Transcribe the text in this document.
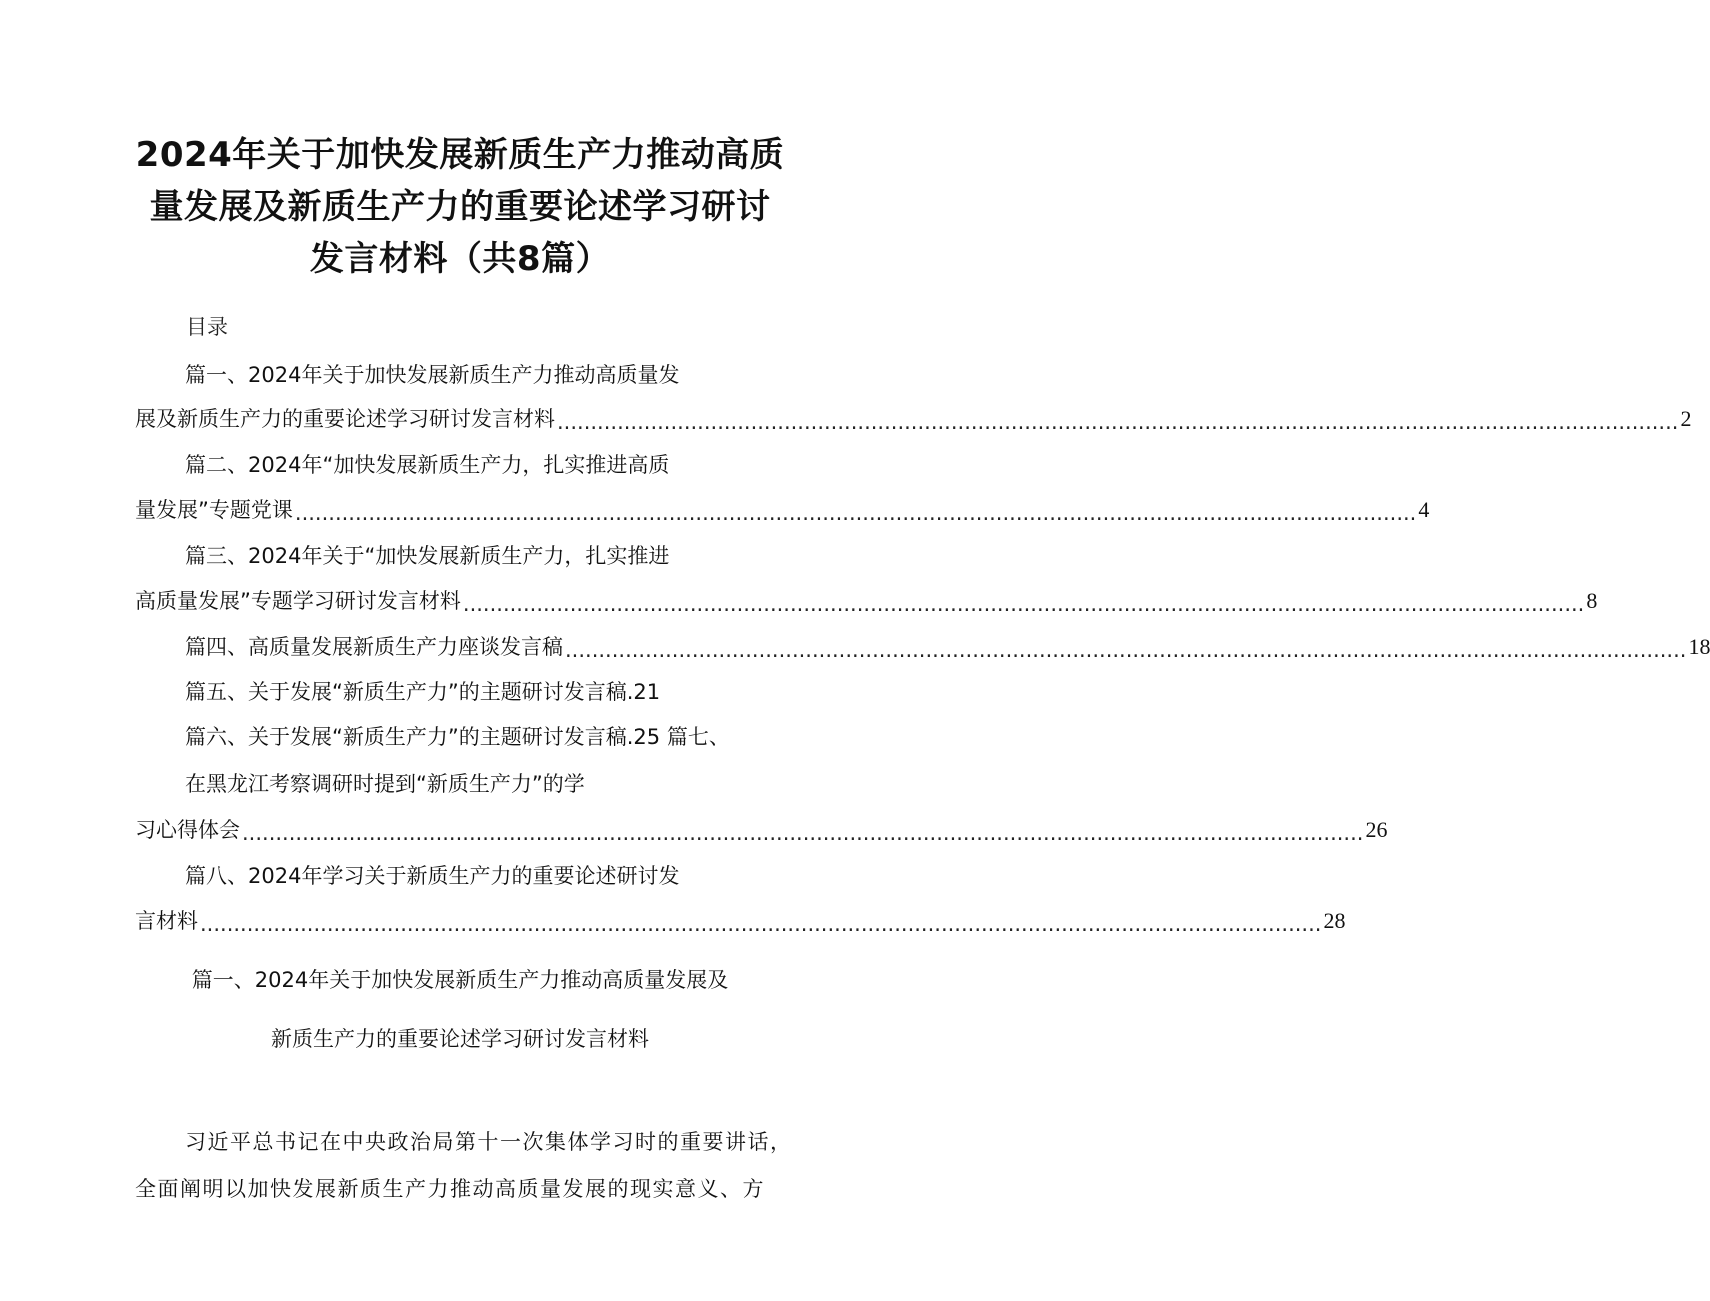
2024年关于加快发展新质生产力推动高质
量发展及新质生产力的重要论述学习研讨
发言材料（共8篇）
目录
篇一、2024年关于加快发展新质生产力推动高质量发
展及新质生产力的重要论述学习研讨发言材料 ........................................................................................................................................................................ 2
篇二、2024年“加快发展新质生产力，扎实推进高质
量发展”专题党课 ........................................................................................................................................................................ 4
篇三、2024年关于“加快发展新质生产力，扎实推进
高质量发展”专题学习研讨发言材料 ........................................................................................................................................................................ 8
篇四、高质量发展新质生产力座谈发言稿 ........................................................................................................................................................................ 18
篇五、关于发展“新质生产力”的主题研讨发言稿.21
篇六、关于发展“新质生产力”的主题研讨发言稿.25 篇七、
在黑龙江考察调研时提到“新质生产力”的学
习心得体会 ........................................................................................................................................................................ 26
篇八、2024年学习关于新质生产力的重要论述研讨发
言材料 ........................................................................................................................................................................ 28
篇一、2024年关于加快发展新质生产力推动高质量发展及
新质生产力的重要论述学习研讨发言材料
习近平总书记在中央政治局第十一次集体学习时的重要讲话，
全面阐明以加快发展新质生产力推动高质量发展的现实意义、方
